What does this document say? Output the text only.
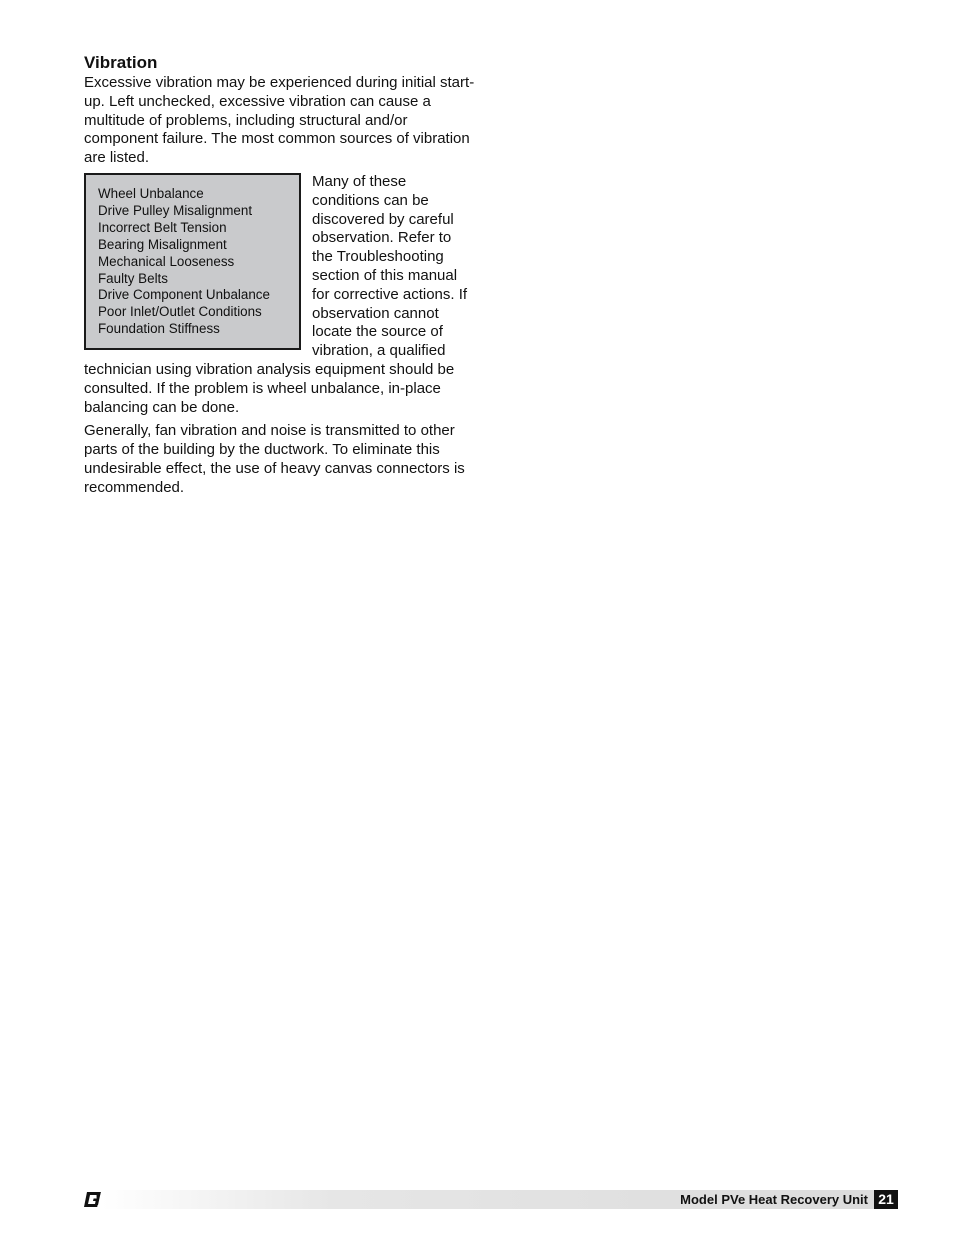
Vibration

Excessive vibration may be experienced during initial start-up. Left unchecked, excessive vibration can cause a multitude of problems, including structural and/or component failure. The most common sources of vibration are listed.

Wheel Unbalance
Drive Pulley Misalignment
Incorrect Belt Tension
Bearing Misalignment
Mechanical Looseness
Faulty Belts
Drive Component Unbalance
Poor Inlet/Outlet Conditions
Foundation Stiffness

Many of these conditions can be discovered by careful observation. Refer to the Troubleshooting section of this manual for corrective actions. If observation cannot locate the source of vibration, a qualified technician using vibration analysis equipment should be consulted. If the problem is wheel unbalance, in-place balancing can be done.

Generally, fan vibration and noise is transmitted to other parts of the building by the ductwork. To eliminate this undesirable effect, the use of heavy canvas connectors is recommended.

Model PVe Heat Recovery Unit 21
